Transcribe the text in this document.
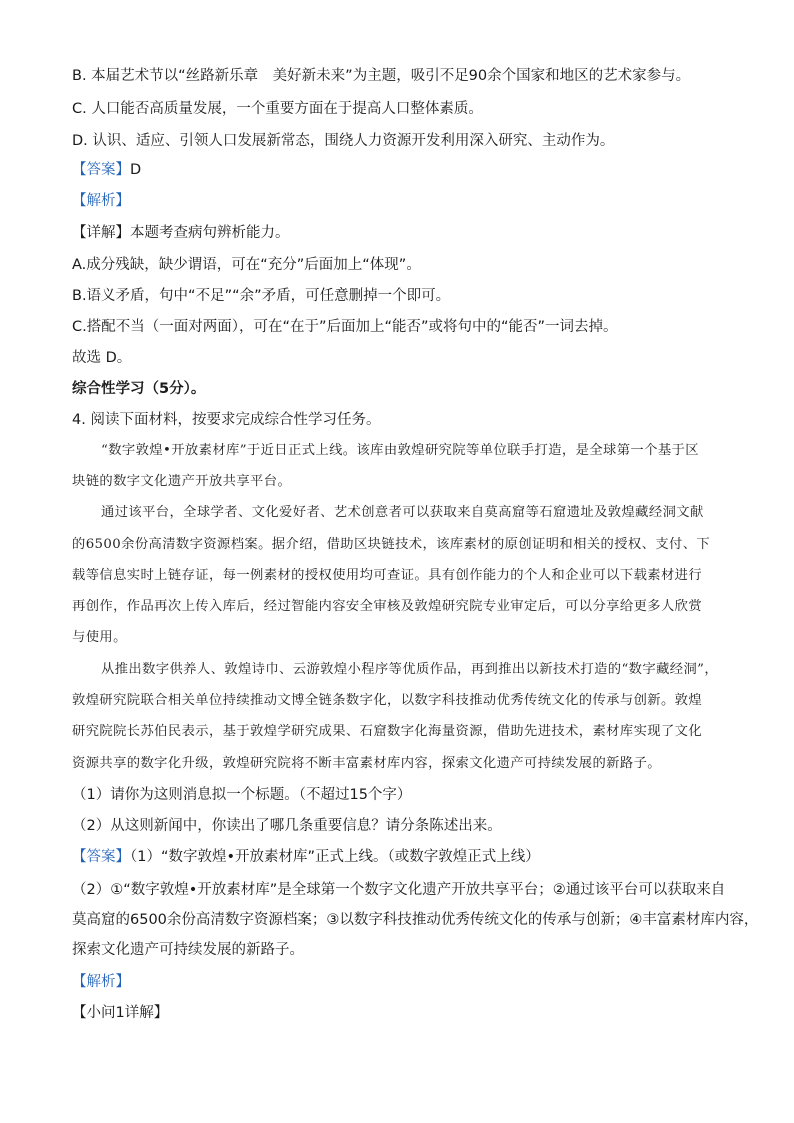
B. 本届艺术节以“丝路新乐章　美好新未来”为主题，吸引不足90余个国家和地区的艺术家参与。
C. 人口能否高质量发展，一个重要方面在于提高人口整体素质。
D. 认识、适应、引领人口发展新常态，围绕人力资源开发利用深入研究、主动作为。
【答案】D
【解析】
【详解】本题考查病句辨析能力。
A.成分残缺，缺少谓语，可在“充分”后面加上“体现”。
B.语义矛盾，句中“不足”“余”矛盾，可任意删掉一个即可。
C.搭配不当（一面对两面），可在“在于”后面加上“能否”或将句中的“能否”一词去掉。
故选 D。
综合性学习（5分）。
4. 阅读下面材料，按要求完成综合性学习任务。
“数字敦煌•开放素材库”于近日正式上线。该库由敦煌研究院等单位联手打造，是全球第一个基于区
块链的数字文化遗产开放共享平台。
通过该平台，全球学者、文化爱好者、艺术创意者可以获取来自莫高窟等石窟遗址及敦煌藏经洞文献
的6500余份高清数字资源档案。据介绍，借助区块链技术，该库素材的原创证明和相关的授权、支付、下
载等信息实时上链存证，每一例素材的授权使用均可查证。具有创作能力的个人和企业可以下载素材进行
再创作，作品再次上传入库后，经过智能内容安全审核及敦煌研究院专业审定后，可以分享给更多人欣赏
与使用。
从推出数字供养人、敦煌诗巾、云游敦煌小程序等优质作品，再到推出以新技术打造的“数字藏经洞”，
敦煌研究院联合相关单位持续推动文博全链条数字化，以数字科技推动优秀传统文化的传承与创新。敦煌
研究院院长苏伯民表示，基于敦煌学研究成果、石窟数字化海量资源，借助先进技术，素材库实现了文化
资源共享的数字化升级，敦煌研究院将不断丰富素材库内容，探索文化遗产可持续发展的新路子。
（1）请你为这则消息拟一个标题。（不超过15个字）
（2）从这则新闻中，你读出了哪几条重要信息？请分条陈述出来。
【答案】（1）“数字敦煌•开放素材库”正式上线。（或数字敦煌正式上线）
（2）①“数字敦煌•开放素材库”是全球第一个数字文化遗产开放共享平台；②通过该平台可以获取来自
莫高窟的6500余份高清数字资源档案；③以数字科技推动优秀传统文化的传承与创新；④丰富素材库内容，
探索文化遗产可持续发展的新路子。
【解析】
【小问1详解】
